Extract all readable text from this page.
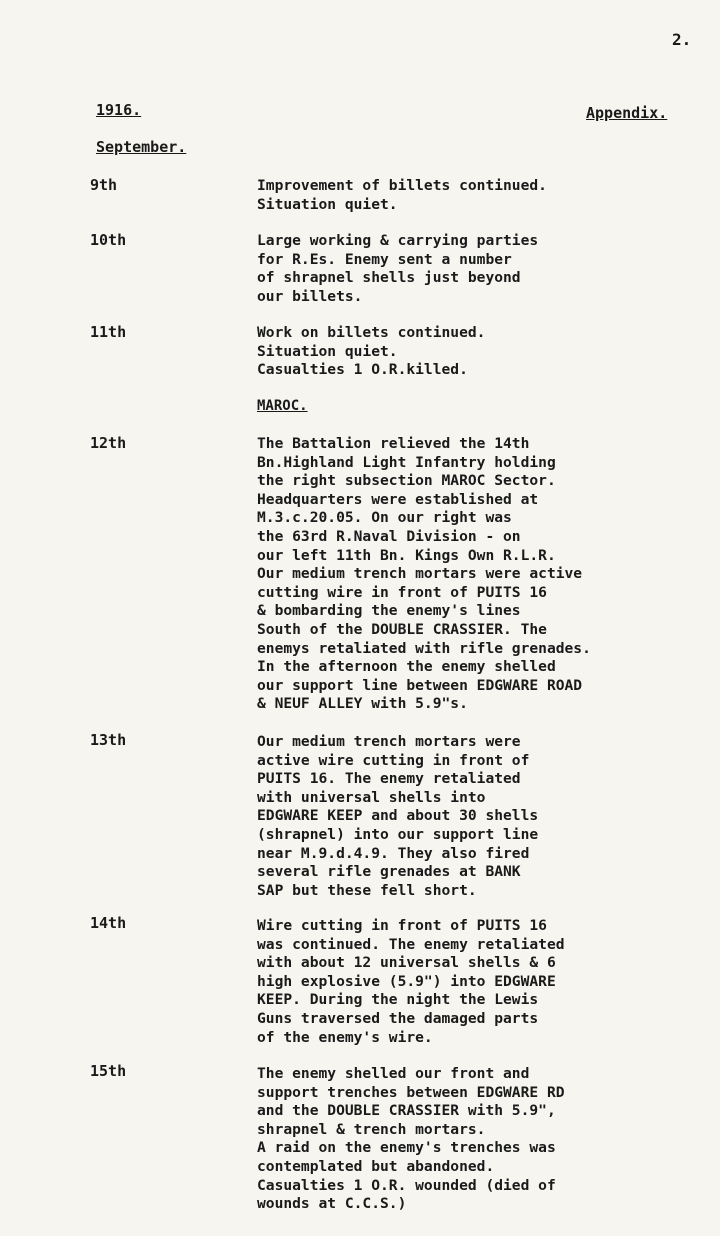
2.
1916.	Appendix.
September.
9th	Improvement of billets continued.
Situation quiet.
10th	Large working & carrying parties
for R.Es. Enemy sent a number
of shrapnel shells just beyond
our billets.
11th	Work on billets continued.
Situation quiet.
Casualties 1 O.R.killed.
MAROC.
12th	The Battalion relieved the 14th
Bn.Highland Light Infantry holding
the right subsection MAROC Sector.
Headquarters were established at
M.3.c.20.05. On our right was
the 63rd R.Naval Division - on
our left 11th Bn. Kings Own R.L.R.
Our medium trench mortars were active
cutting wire in front of PUITS 16
& bombarding the enemy's lines
South of the DOUBLE CRASSIER. The
enemys retaliated with rifle grenades.
In the afternoon the enemy shelled
our support line between EDGWARE ROAD
& NEUF ALLEY with 5.9"s.
13th	Our medium trench mortars were
active wire cutting in front of
PUITS 16. The enemy retaliated
with universal shells into
EDGWARE KEEP and about 30 shells
(shrapnel) into our support line
near M.9.d.4.9. They also fired
several rifle grenades at BANK
SAP but these fell short.
14th	Wire cutting in front of PUITS 16
was continued. The enemy retaliated
with about 12 universal shells & 6
high explosive (5.9") into EDGWARE
KEEP. During the night the Lewis
Guns traversed the damaged parts
of the enemy's wire.
15th	The enemy shelled our front and
support trenches between EDGWARE RD
and the DOUBLE CRASSIER with 5.9",
shrapnel & trench mortars.
A raid on the enemy's trenches was
contemplated but abandoned.
Casualties 1 O.R. wounded (died of
wounds at C.C.S.)
